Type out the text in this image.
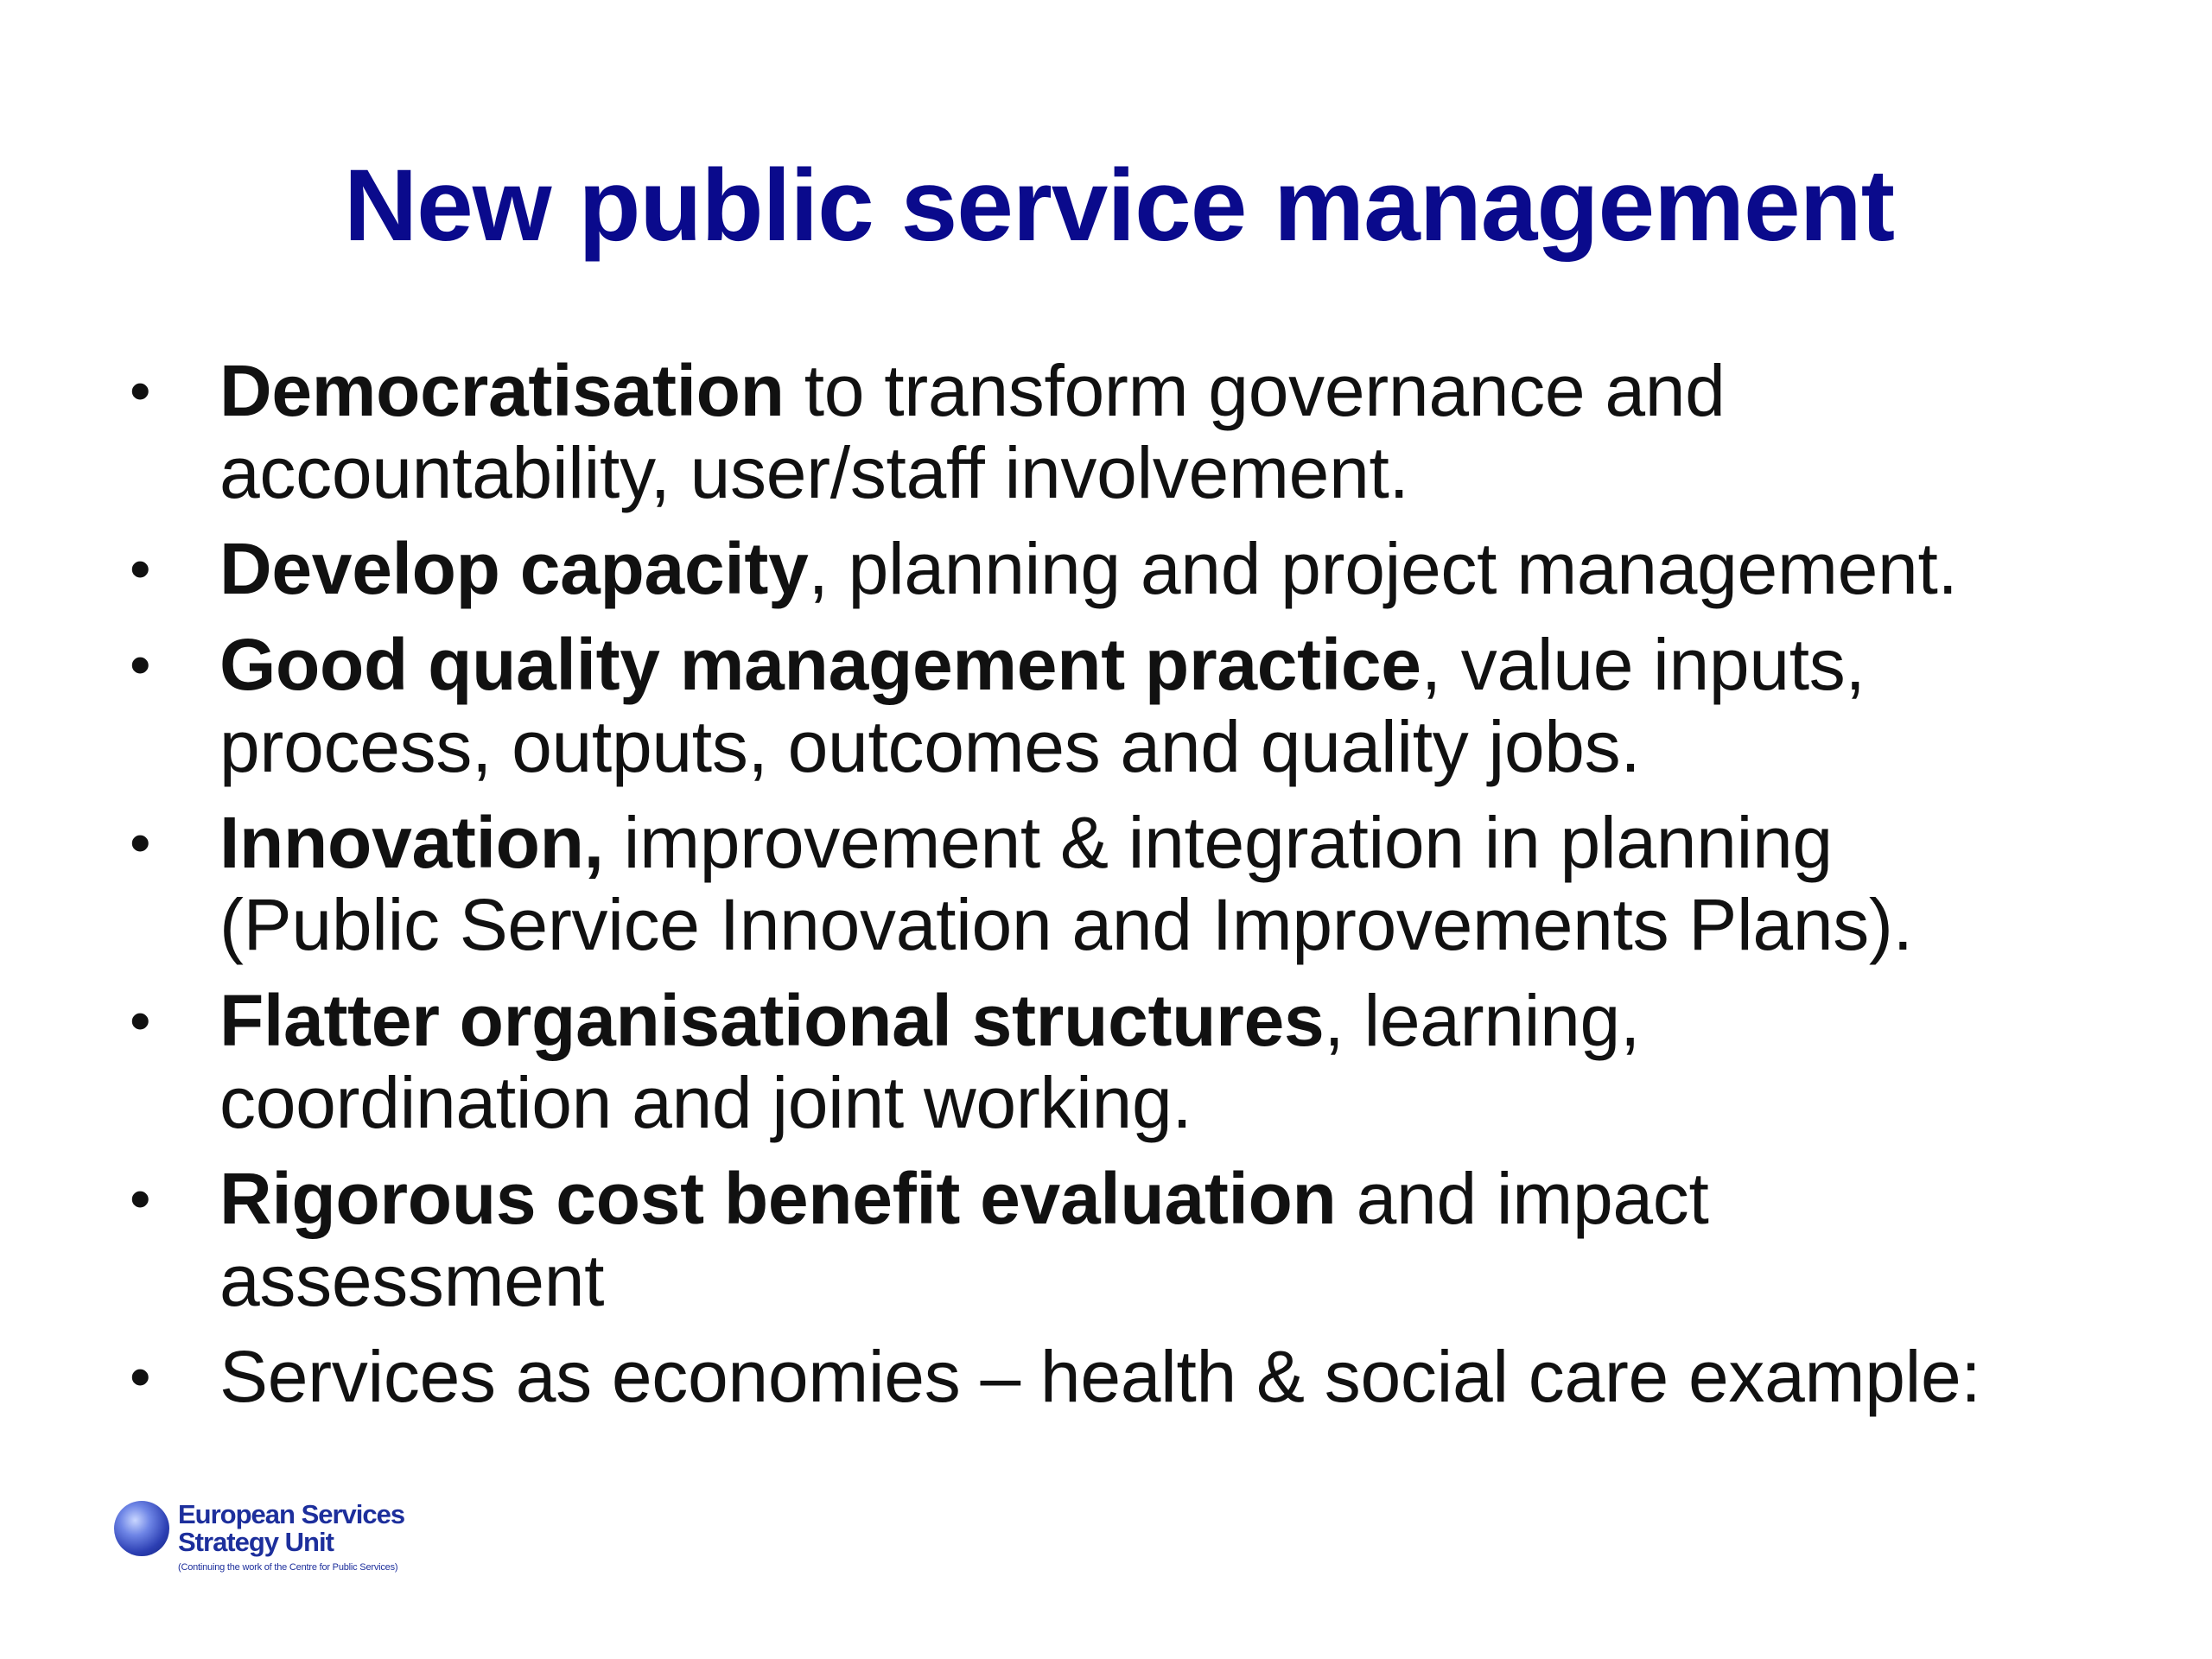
New public service management
• Democratisation to transform governance and
accountability, user/staff involvement.
• Develop capacity, planning and project management.
• Good quality management practice, value inputs,
process, outputs, outcomes and quality jobs.
• Innovation, improvement & integration in planning
(Public Service Innovation and Improvements Plans).
• Flatter organisational structures, learning,
coordination and joint working.
• Rigorous cost benefit evaluation and impact
assessment
• Services as economies – health & social care example:
European Services
Strategy Unit
(Continuing the work of the Centre for Public Services)
